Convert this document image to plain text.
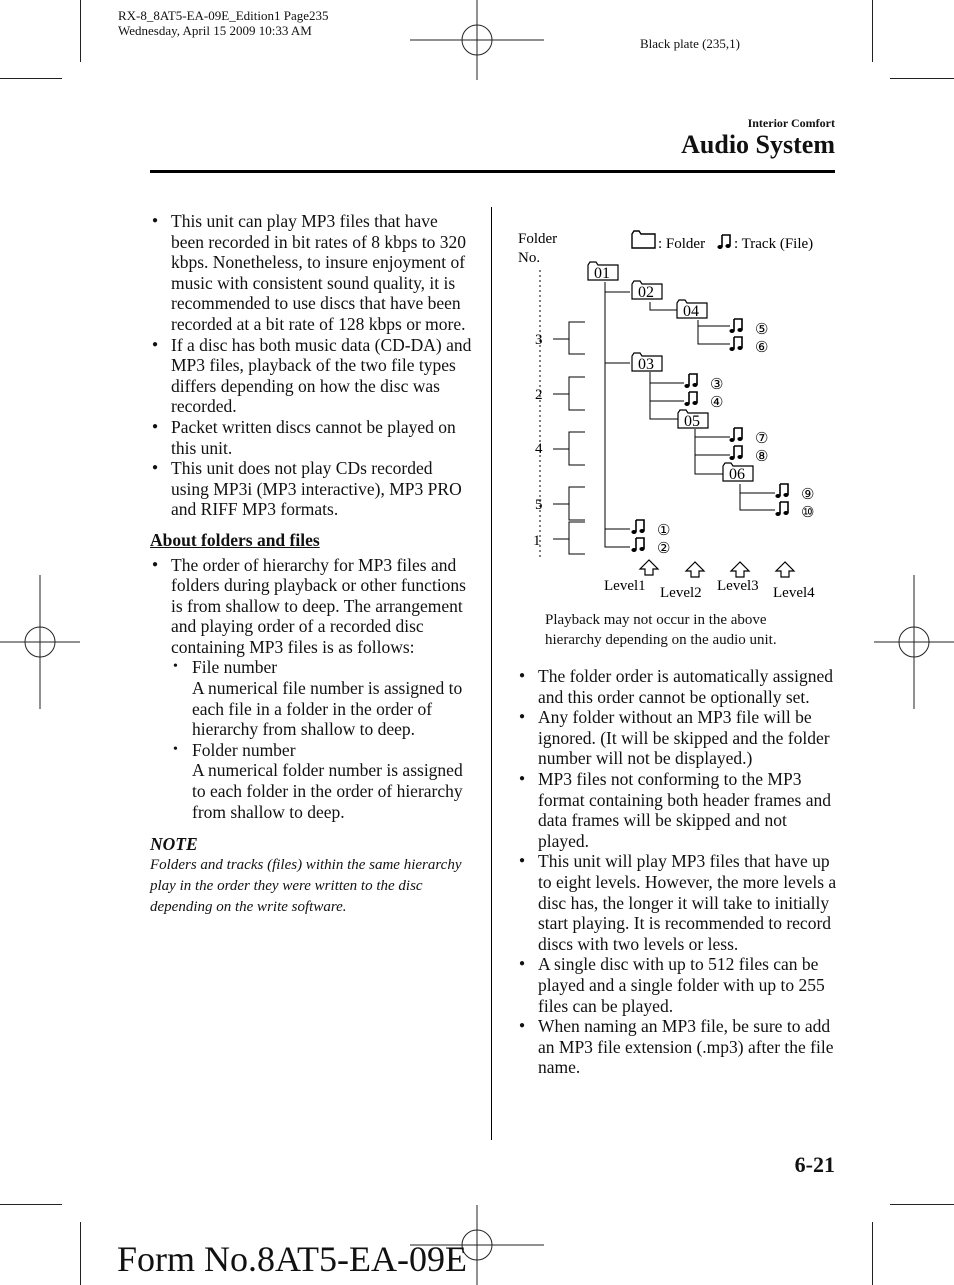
RX-8_8AT5-EA-09E_Edition1 Page235
Wednesday, April 15 2009 10:33 AM
Black plate (235,1)
Interior Comfort
Audio System
● This unit can play MP3 files that have been recorded in bit rates of 8 kbps to 320 kbps. Nonetheless, to insure enjoyment of music with consistent sound quality, it is recommended to use discs that have been recorded at a bit rate of 128 kbps or more.
● If a disc has both music data (CD-DA) and MP3 files, playback of the two file types differs depending on how the disc was recorded.
● Packet written discs cannot be played on this unit.
● This unit does not play CDs recorded using MP3i (MP3 interactive), MP3 PRO and RIFF MP3 formats.
About folders and files
● The order of hierarchy for MP3 files and folders during playback or other functions is from shallow to deep. The arrangement and playing order of a recorded disc containing MP3 files is as follows:
• File number
A numerical file number is assigned to each file in a folder in the order of hierarchy from shallow to deep.
• Folder number
A numerical folder number is assigned to each folder in the order of hierarchy from shallow to deep.
NOTE
Folders and tracks (files) within the same hierarchy play in the order they were written to the disc depending on the write software.
Folder
No.
: Folder : Track (File)
3
2
4
5
1
01
02
04
03
05
06
⑤
⑥
③
④
⑦
⑧
⑨
⑩
①
②
Level1 Level2 Level3 Level4
Playback may not occur in the above hierarchy depending on the audio unit.
● The folder order is automatically assigned and this order cannot be optionally set.
● Any folder without an MP3 file will be ignored. (It will be skipped and the folder number will not be displayed.)
● MP3 files not conforming to the MP3 format containing both header frames and data frames will be skipped and not played.
● This unit will play MP3 files that have up to eight levels. However, the more levels a disc has, the longer it will take to initially start playing. It is recommended to record discs with two levels or less.
● A single disc with up to 512 files can be played and a single folder with up to 255 files can be played.
● When naming an MP3 file, be sure to add an MP3 file extension (.mp3) after the file name.
6-21
Form No.8AT5-EA-09E
